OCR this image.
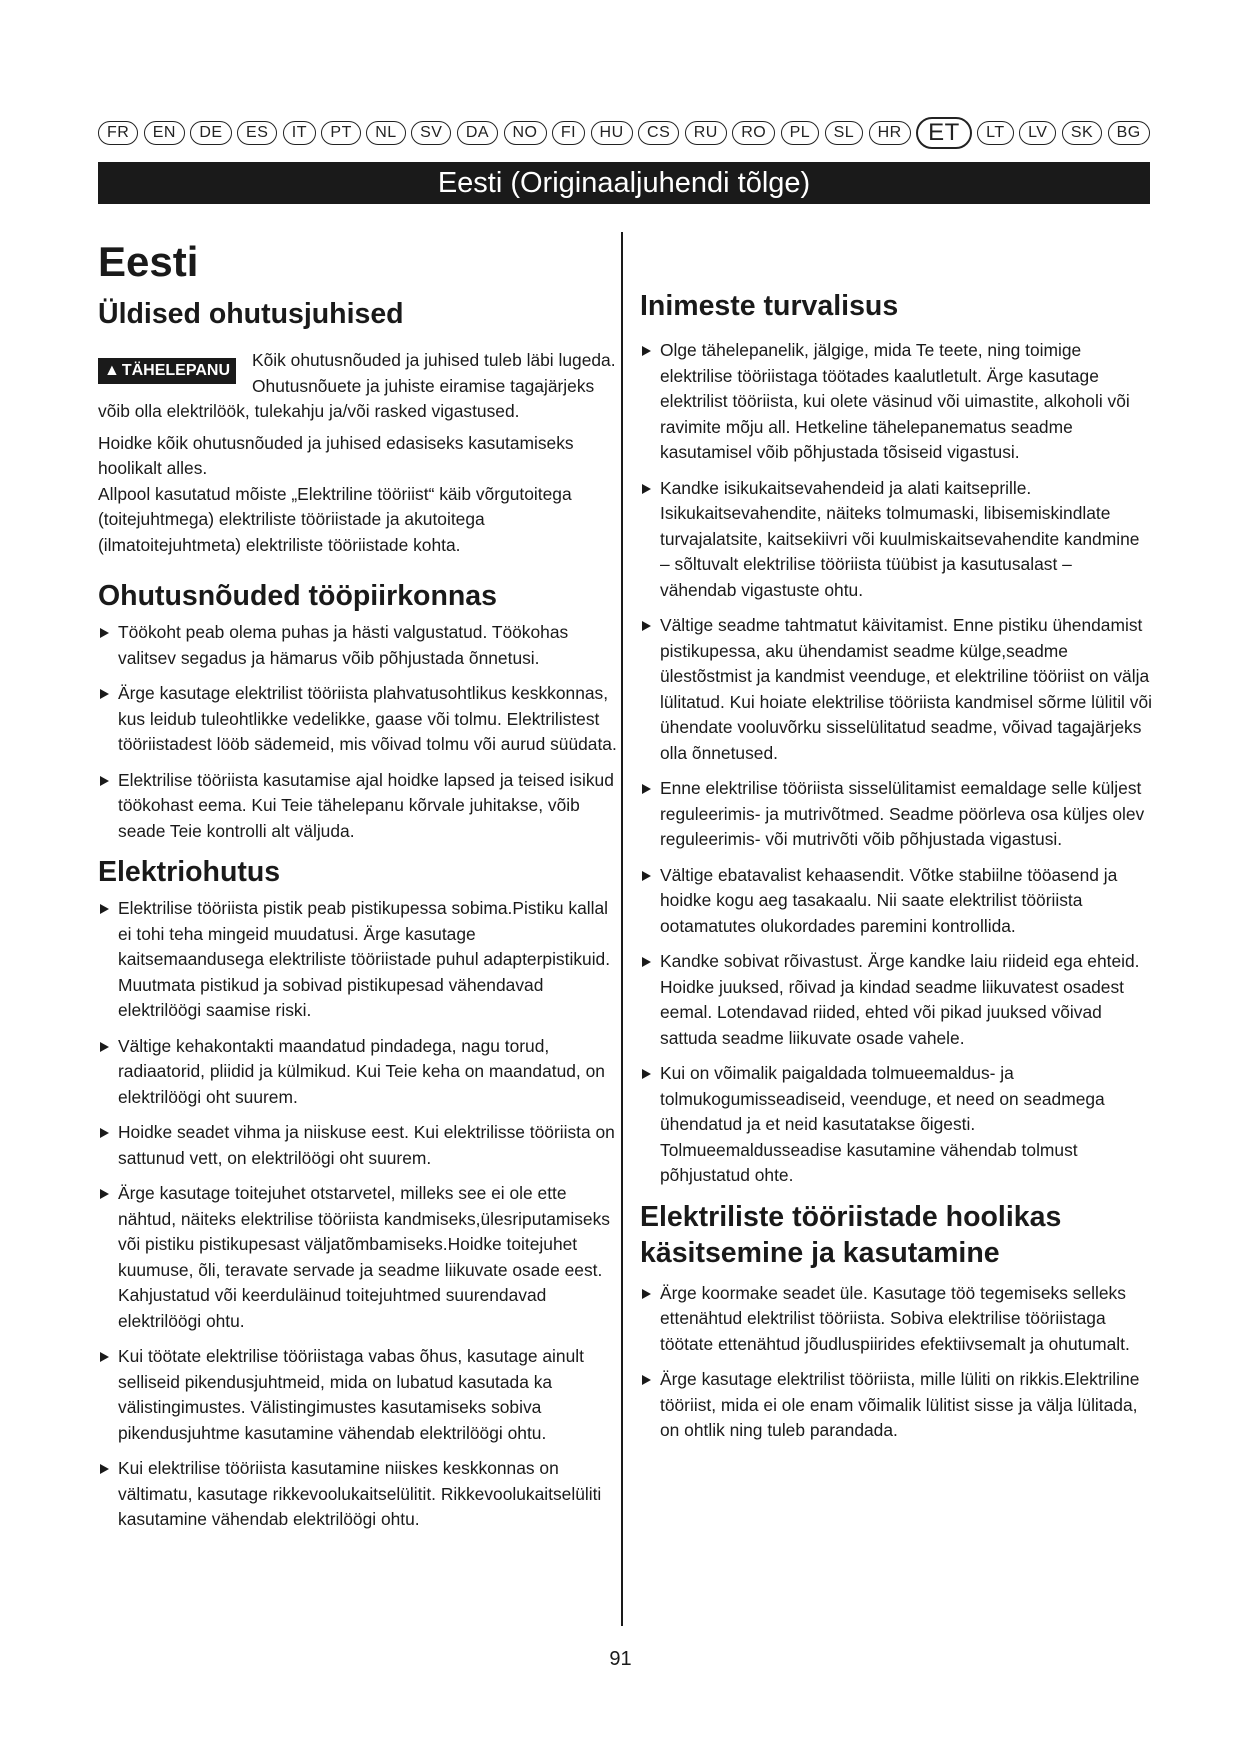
FR	EN	DE	ES	IT	PT	NL	SV	DA	NO	FI	HU	CS	RU	RO	PL	SL	HR	ET	LT	LV	SK	BG
Eesti (Originaaljuhendi tõlge)
Eesti
Üldised ohutusjuhised
▲ TÄHELEPANU

Kõik ohutusnõuded ja juhised tuleb läbi lugeda. Ohutusnõuete ja juhiste eiramise tagajärjeks võib olla elektrilöök, tulekahju ja/või rasked vigastused.

Hoidke kõik ohutusnõuded ja juhised edasiseks kasutamiseks hoolikalt alles.

Allpool kasutatud mõiste „Elektriline tööriist“ käib võrgutoitega (toitejuhtmega) elektriliste tööriistade ja akutoitega (ilmatoitejuhtmeta) elektriliste tööriistade kohta.

Ohutusnõuded tööpiirkonnas
Töökoht peab olema puhas ja hästi valgustatud. Töökohas valitsev segadus ja hämarus võib põhjustada õnnetusi.
Ärge kasutage elektrilist tööriista plahvatusohtlikus keskkonnas, kus leidub tuleohtlikke vedelikke, gaase või tolmu. Elektrilistest tööriistadest lööb sädemeid, mis võivad tolmu või aurud süüdata.
Elektrilise tööriista kasutamise ajal hoidke lapsed ja teised isikud töökohast eema. Kui Teie tähelepanu kõrvale juhitakse, võib seade Teie kontrolli alt väljuda.
Elektriohutus
Elektrilise tööriista pistik peab pistikupessa sobima.Pistiku kallal ei tohi teha mingeid muudatusi. Ärge kasutage kaitsemaandusega elektriliste tööriistade puhul adapterpistikuid. Muutmata pistikud ja sobivad pistikupesad vähendavad elektrilöögi saamise riski.
Vältige kehakontakti maandatud pindadega, nagu torud, radiaatorid, pliidid ja külmikud. Kui Teie keha on maandatud, on elektrilöögi oht suurem.
Hoidke seadet vihma ja niiskuse eest. Kui elektrilisse tööriista on sattunud vett, on elektrilöögi oht suurem.
Ärge kasutage toitejuhet otstarvetel, milleks see ei ole ette nähtud, näiteks elektrilise tööriista kandmiseks,ülesriputamiseks või pistiku pistikupesast väljatõmbamiseks.Hoidke toitejuhet kuumuse, õli, teravate servade ja seadme liikuvate osade eest. Kahjustatud või keerduläinud toitejuhtmed suurendavad elektrilöögi ohtu.
Kui töötate elektrilise tööriistaga vabas õhus, kasutage ainult selliseid pikendusjuhtmeid, mida on lubatud kasutada ka välistingimustes. Välistingimustes kasutamiseks sobiva pikendusjuhtme kasutamine vähendab elektrilöögi ohtu.
Kui elektrilise tööriista kasutamine niiskes keskkonnas on vältimatu, kasutage rikkevoolukaitselülitit. Rikkevoolukaitselüliti kasutamine vähendab elektrilöögi ohtu.
Inimeste turvalisus
Olge tähelepanelik, jälgige, mida Te teete, ning toimige elektrilise tööriistaga töötades kaalutletult. Ärge kasutage elektrilist tööriista, kui olete väsinud või uimastite, alkoholi või ravimite mõju all. Hetkeline tähelepanematus seadme kasutamisel võib põhjustada tõsiseid vigastusi.
Kandke isikukaitsevahendeid ja alati kaitseprille. Isikukaitsevahendite, näiteks tolmumaski, libisemiskindlate turvajalatsite, kaitsekiivri või kuulmiskaitsevahendite kandmine – sõltuvalt elektrilise tööriista tüübist ja kasutusalast – vähendab vigastuste ohtu.
Vältige seadme tahtmatut käivitamist. Enne pistiku ühendamist pistikupessa, aku ühendamist seadme külge,seadme ülestõstmist ja kandmist veenduge, et elektriline tööriist on välja lülitatud. Kui hoiate elektrilise tööriista kandmisel sõrme lülitil või ühendate vooluvõrku sisselülitatud seadme, võivad tagajärjeks olla õnnetused.
Enne elektrilise tööriista sisselülitamist eemaldage selle küljest reguleerimis- ja mutrivõtmed. Seadme pöörleva osa küljes olev reguleerimis- või mutrivõti võib põhjustada vigastusi.
Vältige ebatavalist kehaasendit. Võtke stabiilne tööasend ja hoidke kogu aeg tasakaalu. Nii saate elektrilist tööriista ootamatutes olukordades paremini kontrollida.
Kandke sobivat rõivastust. Ärge kandke laiu riideid ega ehteid. Hoidke juuksed, rõivad ja kindad seadme liikuvatest osadest eemal. Lotendavad riided, ehted või pikad juuksed võivad sattuda seadme liikuvate osade vahele.
Kui on võimalik paigaldada tolmueemaldus- ja tolmukogumisseadiseid, veenduge, et need on seadmega ühendatud ja et neid kasutatakse õigesti. Tolmueemaldusseadise kasutamine vähendab tolmust põhjustatud ohte.
Elektriliste tööriistade hoolikas käsitsemine ja kasutamine
Ärge koormake seadet üle. Kasutage töö tegemiseks selleks ettenähtud elektrilist tööriista. Sobiva elektrilise tööriistaga töötate ettenähtud jõudluspiirides efektiivsemalt ja ohutumalt.
Ärge kasutage elektrilist tööriista, mille lüliti on rikkis.Elektriline tööriist, mida ei ole enam võimalik lülitist sisse ja välja lülitada, on ohtlik ning tuleb parandada.
91
